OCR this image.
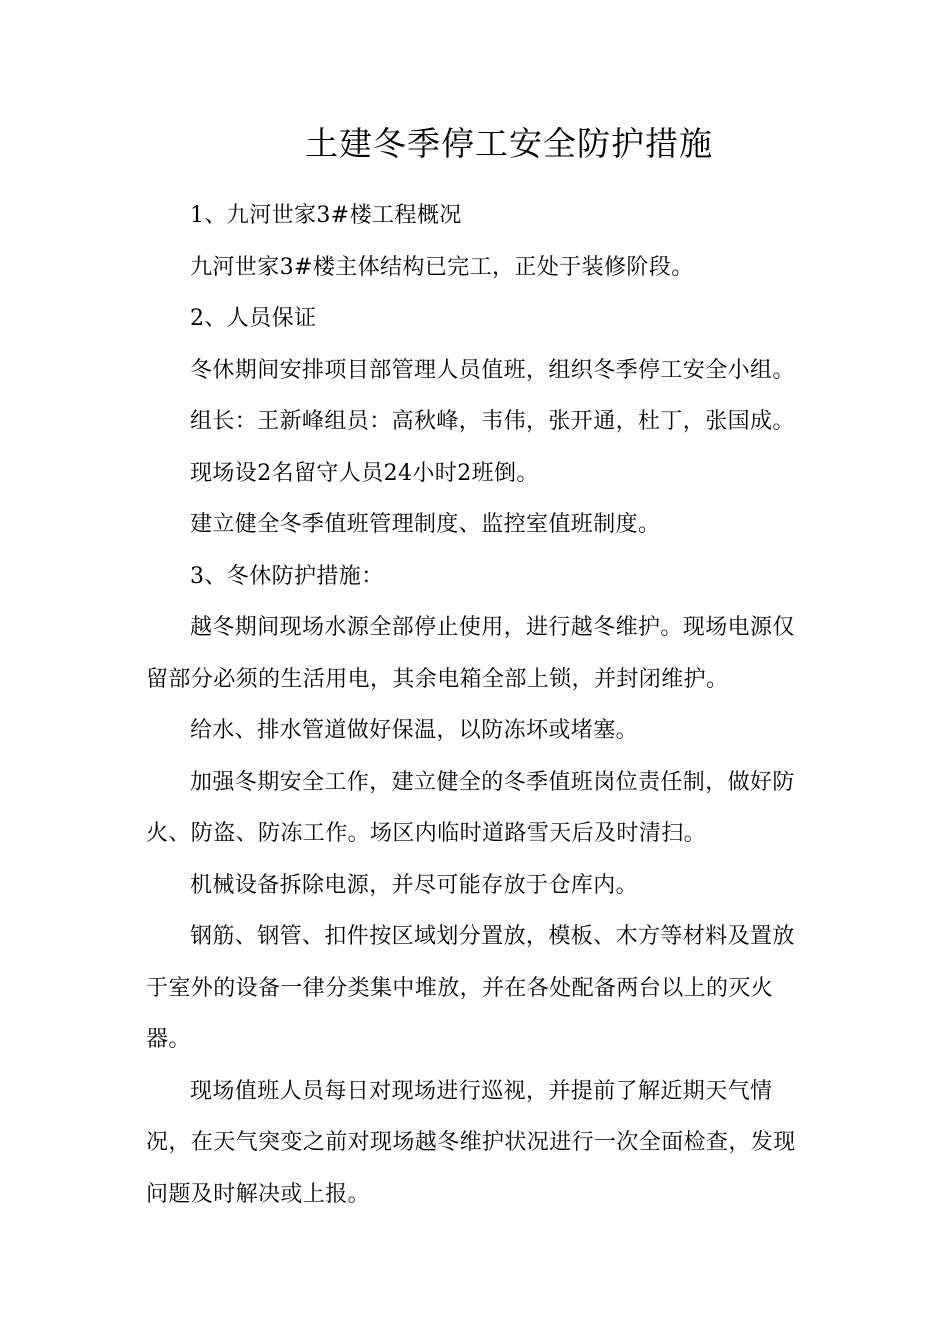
土建冬季停工安全防护措施

1、九河世家3#楼工程概况

九河世家3#楼主体结构已完工，正处于装修阶段。

2、人员保证

冬休期间安排项目部管理人员值班，组织冬季停工安全小组。

组长：王新峰组员：高秋峰，韦伟，张开通，杜丁，张国成。

现场设2名留守人员24小时2班倒。

建立健全冬季值班管理制度、监控室值班制度。

3、冬休防护措施：

越冬期间现场水源全部停止使用，进行越冬维护。现场电源仅留部分必须的生活用电，其余电箱全部上锁，并封闭维护。

给水、排水管道做好保温，以防冻坏或堵塞。

加强冬期安全工作，建立健全的冬季值班岗位责任制，做好防火、防盗、防冻工作。场区内临时道路雪天后及时清扫。

机械设备拆除电源，并尽可能存放于仓库内。

钢筋、钢管、扣件按区域划分置放，模板、木方等材料及置放于室外的设备一律分类集中堆放，并在各处配备两台以上的灭火器。

现场值班人员每日对现场进行巡视，并提前了解近期天气情况，在天气突变之前对现场越冬维护状况进行一次全面检查，发现问题及时解决或上报。
